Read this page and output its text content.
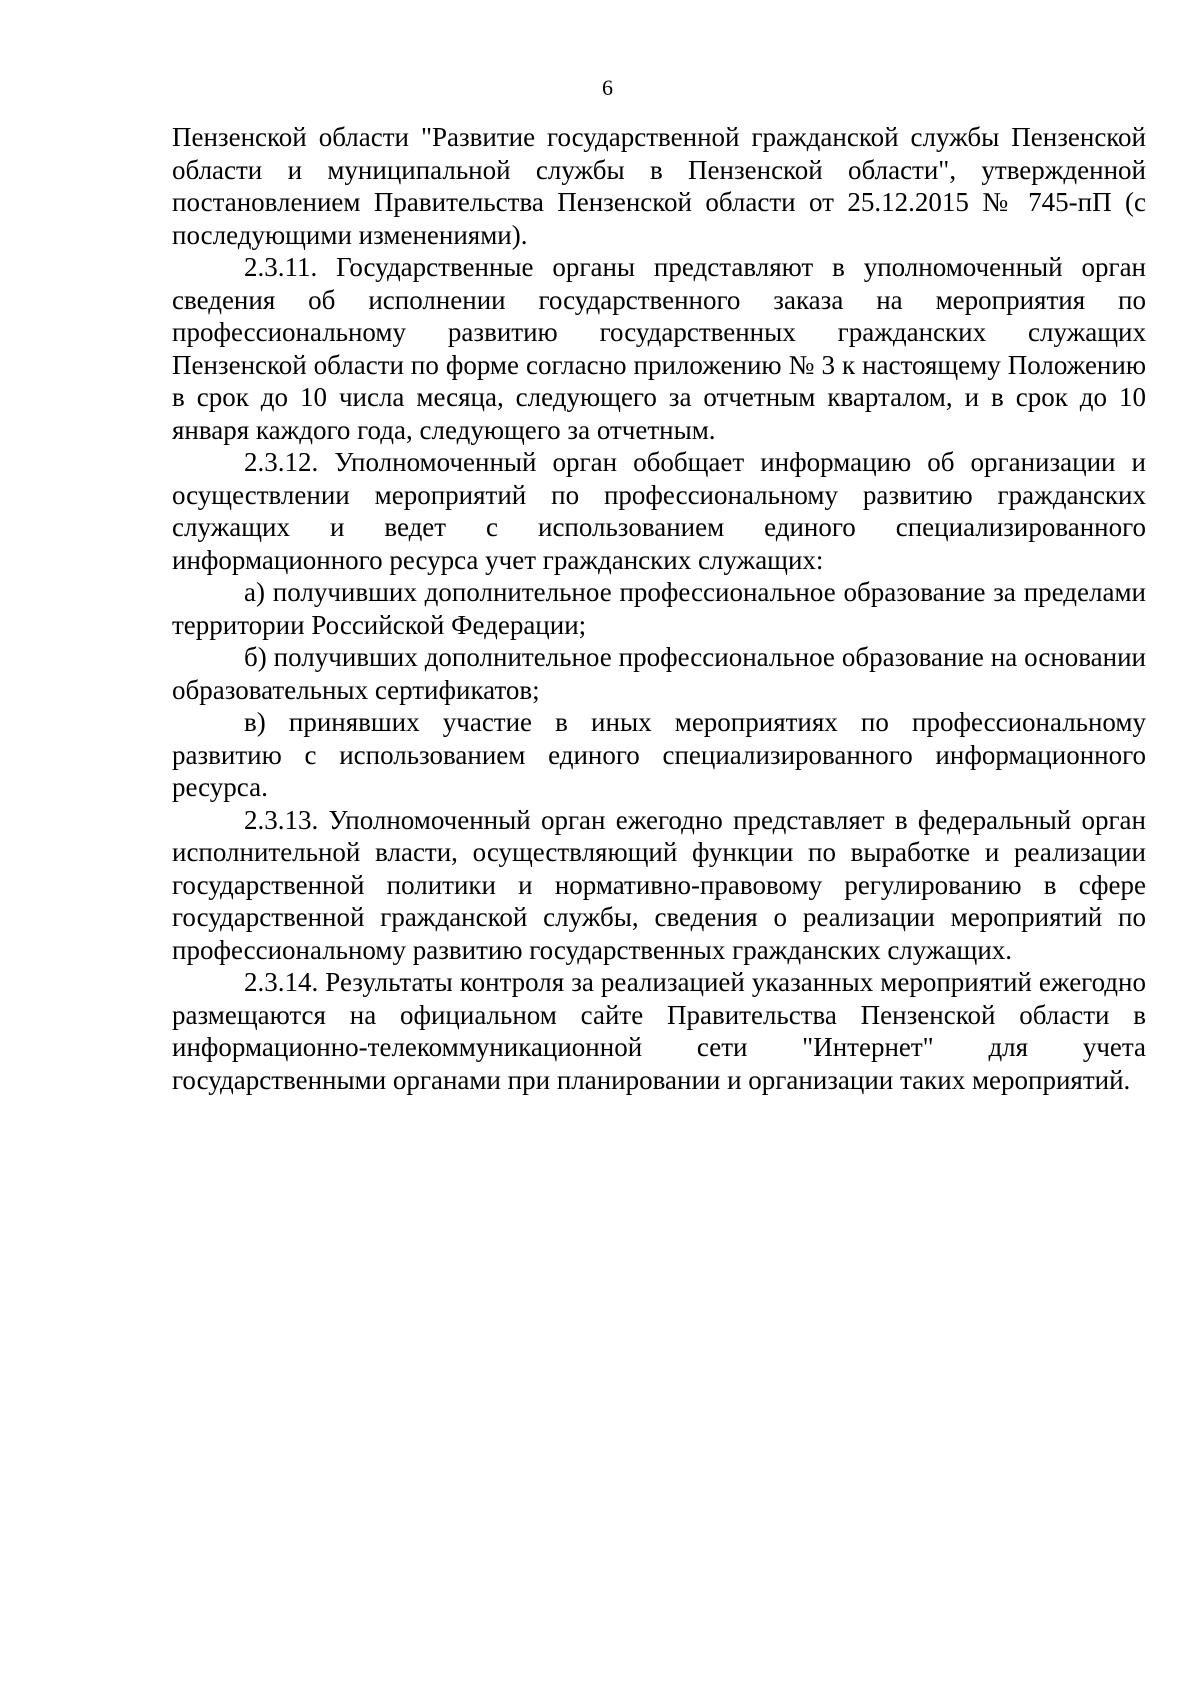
6

Пензенской области "Развитие государственной гражданской службы Пензенской области и муниципальной службы в Пензенской области", утвержденной постановлением Правительства Пензенской области от 25.12.2015 № 745-пП (с последующими изменениями).

2.3.11. Государственные органы представляют в уполномоченный орган сведения об исполнении государственного заказа на мероприятия по профессиональному развитию государственных гражданских служащих Пензенской области по форме согласно приложению № 3 к настоящему Положению в срок до 10 числа месяца, следующего за отчетным кварталом, и в срок до 10 января каждого года, следующего за отчетным.

2.3.12. Уполномоченный орган обобщает информацию об организации и осуществлении мероприятий по профессиональному развитию гражданских служащих и ведет с использованием единого специализированного информационного ресурса учет гражданских служащих:

а) получивших дополнительное профессиональное образование за пределами территории Российской Федерации;

б) получивших дополнительное профессиональное образование на основании образовательных сертификатов;

в) принявших участие в иных мероприятиях по профессиональному развитию с использованием единого специализированного информационного ресурса.

2.3.13. Уполномоченный орган ежегодно представляет в федеральный орган исполнительной власти, осуществляющий функции по выработке и реализации государственной политики и нормативно-правовому регулированию в сфере государственной гражданской службы, сведения о реализации мероприятий по профессиональному развитию государственных гражданских служащих.

2.3.14. Результаты контроля за реализацией указанных мероприятий ежегодно размещаются на официальном сайте Правительства Пензенской области в информационно-телекоммуникационной сети "Интернет" для учета государственными органами при планировании и организации таких мероприятий.
